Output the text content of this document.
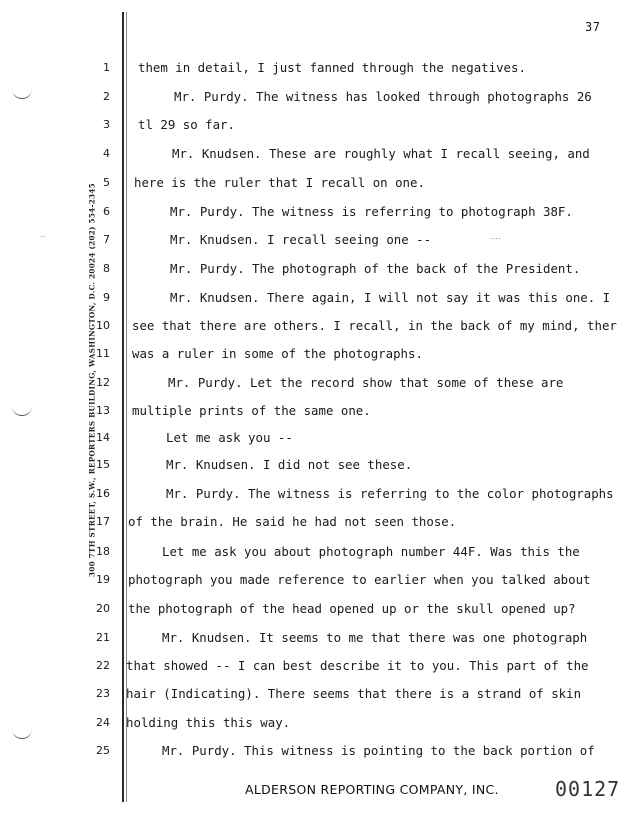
37
300 7TH STREET, S.W., REPORTERS BUILDING, WASHINGTON, D.C. 20024 (202) 554-2345
‥	‥‥
1 them in detail, I just fanned through the negatives.
2	Mr. Purdy. The witness has looked through photographs 26
3 tl 29 so far.
4	Mr. Knudsen. These are roughly what I recall seeing, and
5 here is the ruler that I recall on one.
6	Mr. Purdy. The witness is referring to photograph 38F.
7	Mr. Knudsen. I recall seeing one --
8	Mr. Purdy. The photograph of the back of the President.
9	Mr. Knudsen. There again, I will not say it was this one. I
10 see that there are others. I recall, in the back of my mind, ther
11 was a ruler in some of the photographs.
12	Mr. Purdy. Let the record show that some of these are
13 multiple prints of the same one.
14	Let me ask you --
15	Mr. Knudsen. I did not see these.
16	Mr. Purdy. The witness is referring to the color photographs
17 of the brain. He said he had not seen those.
18	Let me ask you about photograph number 44F. Was this the
19 photograph you made reference to earlier when you talked about
20 the photograph of the head opened up or the skull opened up?
21	Mr. Knudsen. It seems to me that there was one photograph
22 that showed -- I can best describe it to you. This part of the
23 hair (Indicating). There seems that there is a strand of skin
24 holding this this way.
25	Mr. Purdy. This witness is pointing to the back portion of
ALDERSON REPORTING COMPANY, INC.	00127
